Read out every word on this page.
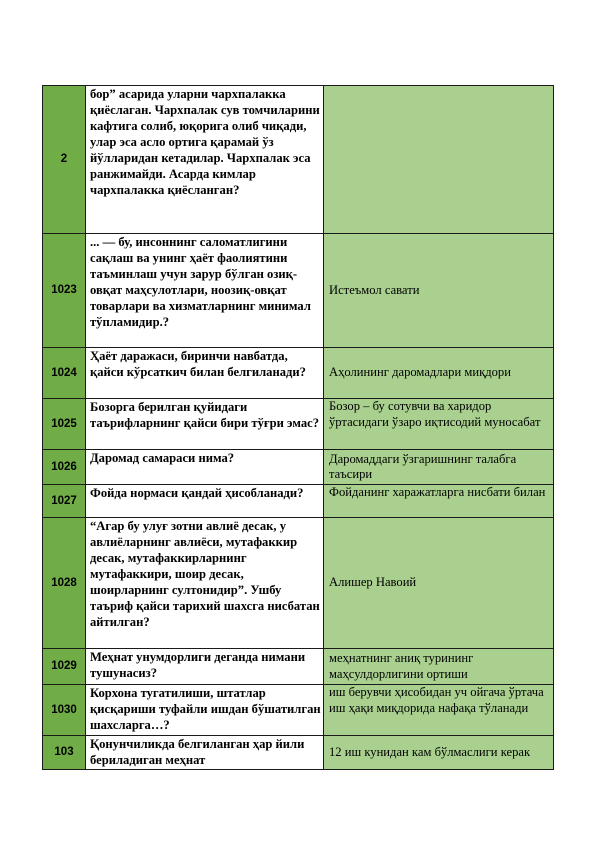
2	бор” асарида уларни чархпалакка қиёслаган. Чархпалак сув томчиларини кафтига солиб, юқорига олиб чиқади, улар эса асло ортига қарамай ўз йўлларидан кетадилар. Чархпалак эса ранжимайди. Асарда кимлар чархпалакка қиёсланган?	
1023	... — бу, инсоннинг саломатлигини сақлаш ва унинг ҳаёт фаолиятини таъминлаш учун зарур бўлган озиқ-овқат маҳсулотлари, ноозиқ-овқат товарлари ва хизматларнинг минимал тўпламидир.?	Истеъмол савати
1024	Ҳаёт даражаси, биринчи навбатда, қайси кўрсаткич билан белгиланади?	Аҳолининг даромадлари миқдори
1025	Бозорга берилган қуйидаги таърифларнинг қайси бири тўғри эмас?	Бозор – бу сотувчи ва харидор ўртасидаги ўзаро иқтисодий муносабат
1026	Даромад самараси нима?	Даромаддаги ўзгаришнинг талабга таъсири
1027	Фойда нормаси қандай ҳисобланади?	Фойданинг харажатларга нисбати билан
1028	“Агар бу улуғ зотни авлиё десак, у авлиёларнинг авлиёси, мутафаккир десак, мутафаккирларнинг мутафаккири, шоир десак, шоирларнинг султонидир”. Ушбу таъриф қайси тарихий шахсга нисбатан айтилган?	Алишер Навоий
1029	Меҳнат унумдорлиги деганда нимани тушунасиз?	меҳнатнинг аниқ турининг маҳсулдорлигини ортиши
1030	Корхона тугатилиши, штатлар қисқариши туфайли ишдан бўшатилган шахсларга…?	иш берувчи ҳисобидан уч ойгача ўртача иш ҳақи миқдорида нафақа тўланади
103	Қонунчиликда белгиланган ҳар йили бериладиган меҳнат	12 иш кунидан кам бўлмаслиги керак
